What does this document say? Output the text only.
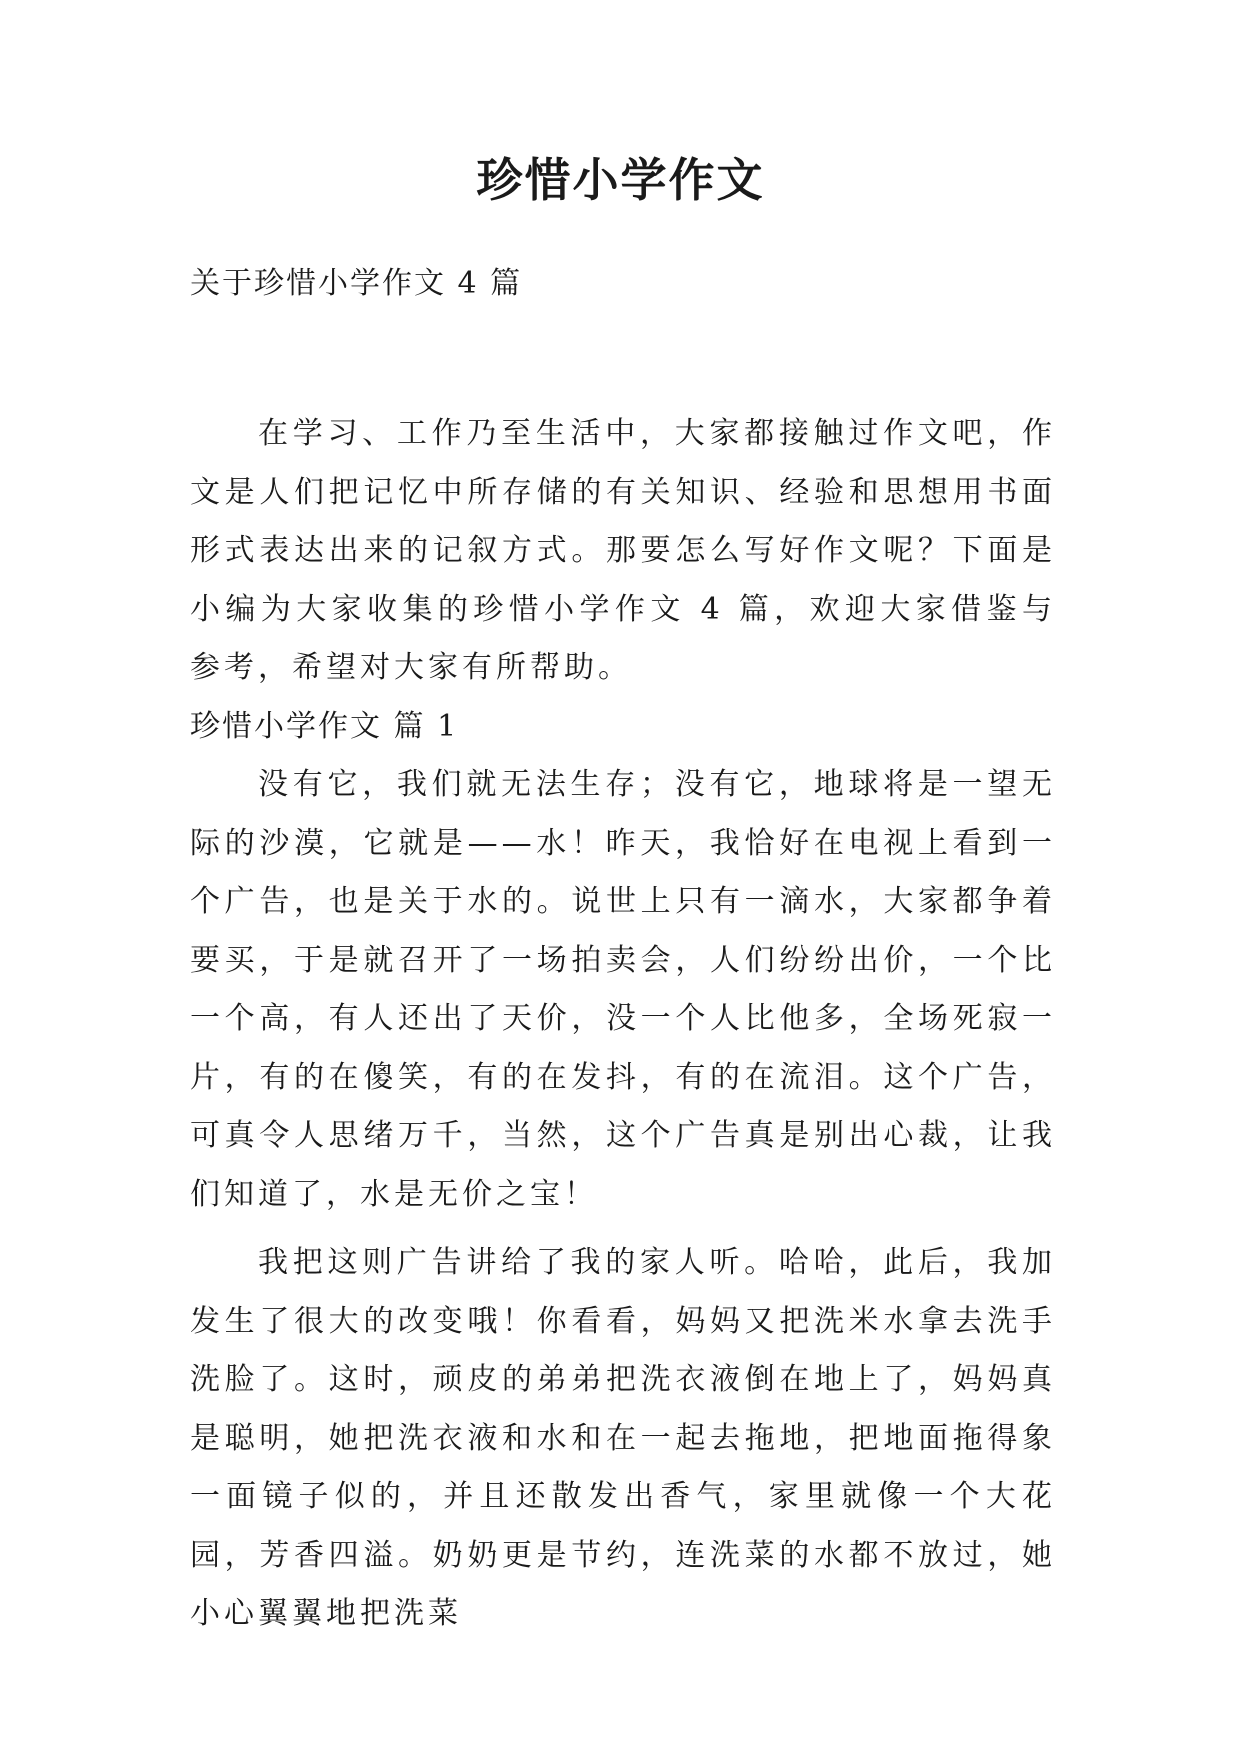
珍惜小学作文
关于珍惜小学作文 4 篇

在学习、工作乃至生活中，大家都接触过作文吧，作文是人们把记忆中所存储的有关知识、经验和思想用书面形式表达出来的记叙方式。那要怎么写好作文呢？下面是小编为大家收集的珍惜小学作文 4 篇，欢迎大家借鉴与参考，希望对大家有所帮助。

珍惜小学作文 篇 1

没有它，我们就无法生存；没有它，地球将是一望无际的沙漠，它就是——水！昨天，我恰好在电视上看到一个广告，也是关于水的。说世上只有一滴水，大家都争着要买，于是就召开了一场拍卖会，人们纷纷出价，一个比一个高，有人还出了天价，没一个人比他多，全场死寂一片，有的在傻笑，有的在发抖，有的在流泪。这个广告，可真令人思绪万千，当然，这个广告真是别出心裁，让我们知道了，水是无价之宝！

我把这则广告讲给了我的家人听。哈哈，此后，我加发生了很大的改变哦！你看看，妈妈又把洗米水拿去洗手洗脸了。这时，顽皮的弟弟把洗衣液倒在地上了，妈妈真是聪明，她把洗衣液和水和在一起去拖地，把地面拖得象一面镜子似的，并且还散发出香气，家里就像一个大花园，芳香四溢。奶奶更是节约，连洗菜的水都不放过，她小心翼翼地把洗菜
